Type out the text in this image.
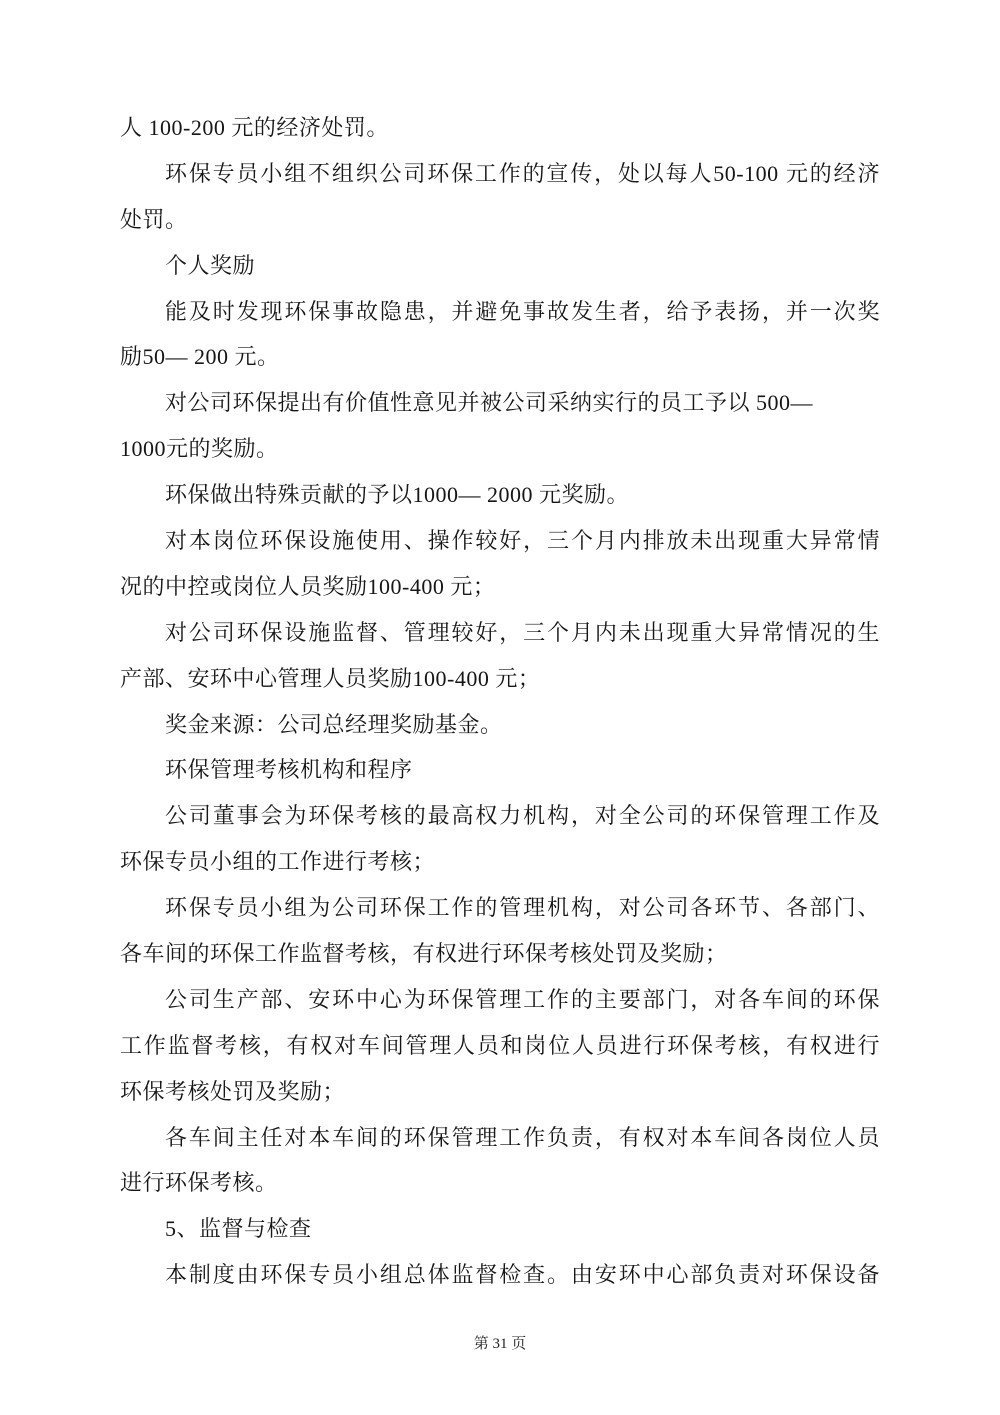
人 100-200 元的经济处罚。
环保专员小组不组织公司环保工作的宣传，处以每人50-100 元的经济
处罚。
个人奖励
能及时发现环保事故隐患，并避免事故发生者，给予表扬，并一次奖
励50— 200 元。
对公司环保提出有价值性意见并被公司采纳实行的员工予以 500—
1000元的奖励。
环保做出特殊贡献的予以1000— 2000 元奖励。
对本岗位环保设施使用、操作较好，三个月内排放未出现重大异常情
况的中控或岗位人员奖励100-400 元；
对公司环保设施监督、管理较好，三个月内未出现重大异常情况的生
产部、安环中心管理人员奖励100-400 元；
奖金来源：公司总经理奖励基金。
环保管理考核机构和程序
公司董事会为环保考核的最高权力机构，对全公司的环保管理工作及
环保专员小组的工作进行考核；
环保专员小组为公司环保工作的管理机构，对公司各环节、各部门、
各车间的环保工作监督考核，有权进行环保考核处罚及奖励；
公司生产部、安环中心为环保管理工作的主要部门，对各车间的环保
工作监督考核，有权对车间管理人员和岗位人员进行环保考核，有权进行
环保考核处罚及奖励；
各车间主任对本车间的环保管理工作负责，有权对本车间各岗位人员
进行环保考核。
5、监督与检查
本制度由环保专员小组总体监督检查。由安环中心部负责对环保设备
第 31 页
